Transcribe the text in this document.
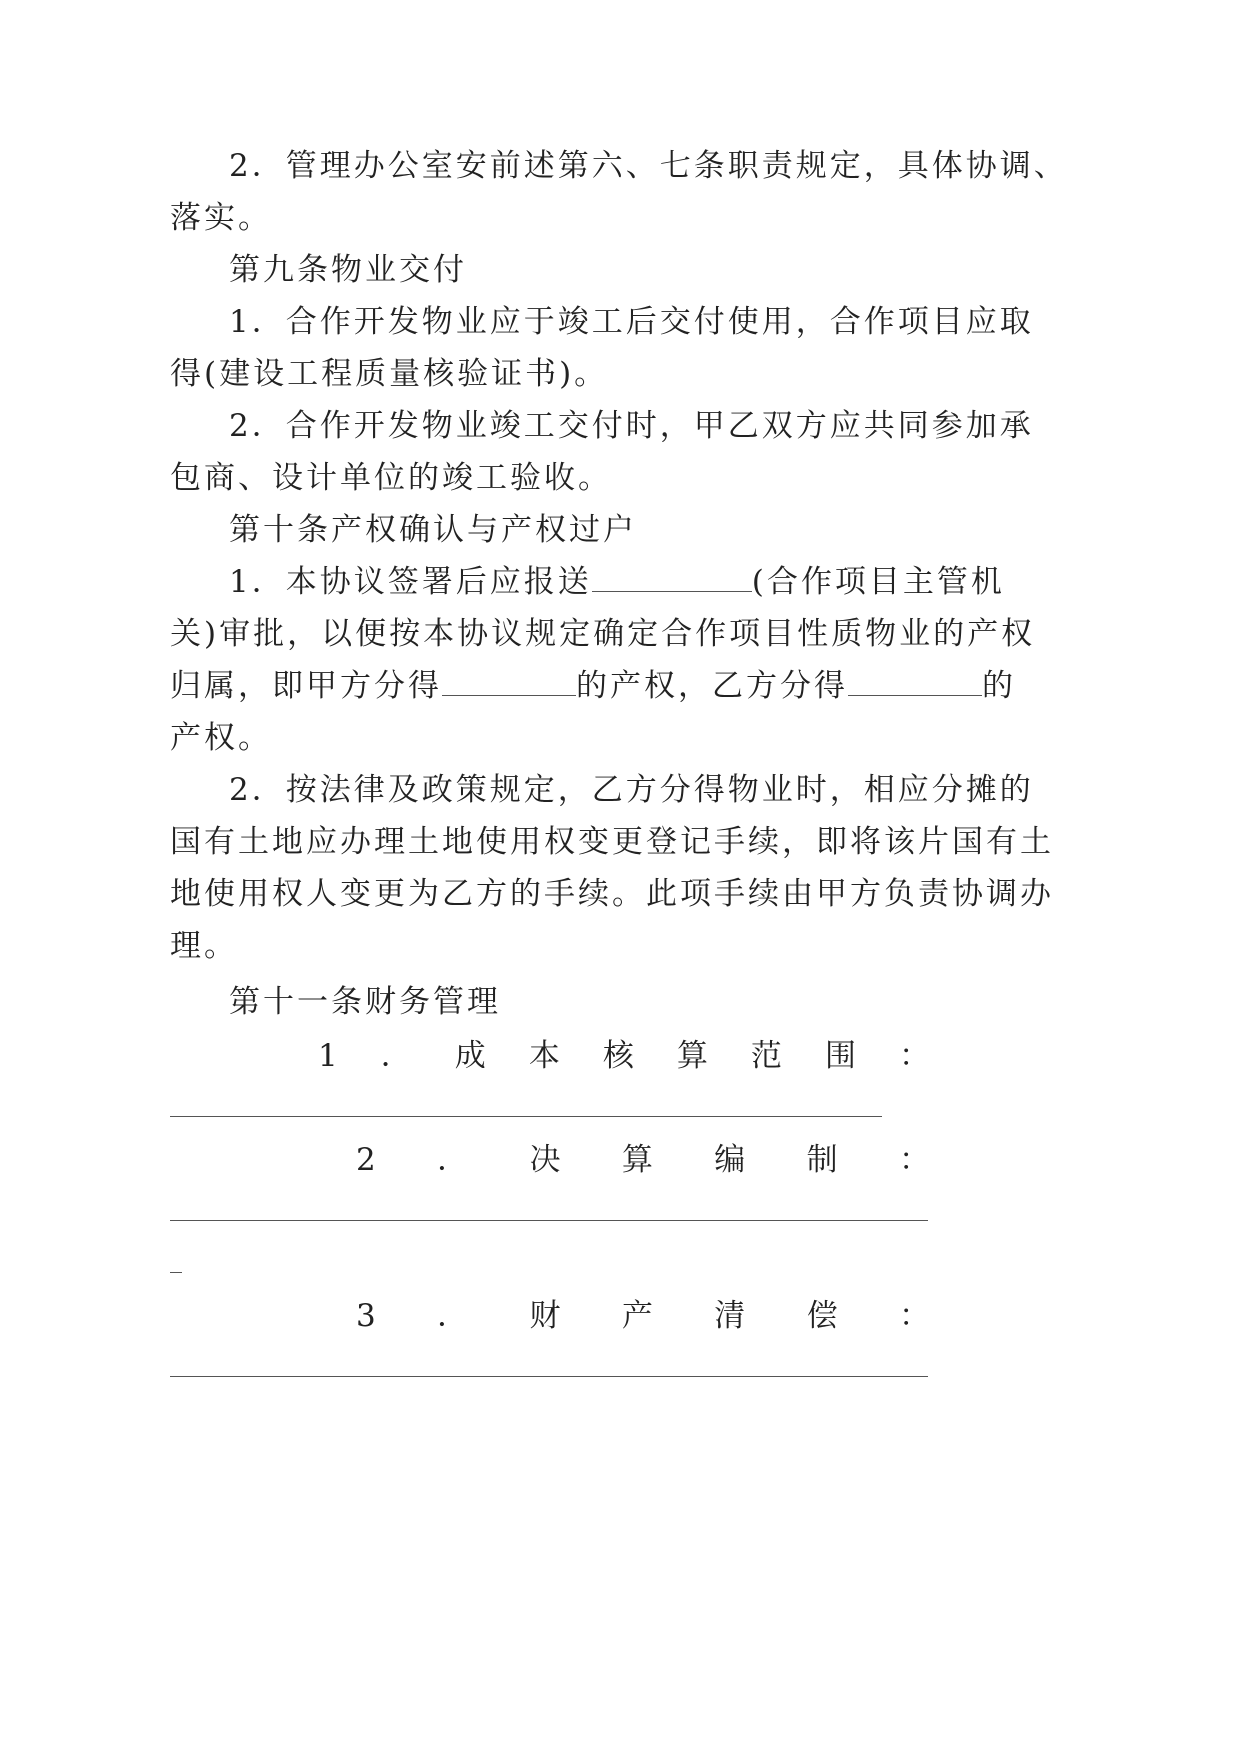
2．管理办公室安前述第六、七条职责规定，具体协调、
落实。
第九条物业交付
1．合作开发物业应于竣工后交付使用，合作项目应取
得(建设工程质量核验证书)。
2．合作开发物业竣工交付时，甲乙双方应共同参加承
包商、设计单位的竣工验收。
第十条产权确认与产权过户
1．本协议签署后应报送	(合作项目主管机
关)审批，以便按本协议规定确定合作项目性质物业的产权
归属，即甲方分得	的产权，乙方分得	的
产权。
2．按法律及政策规定，乙方分得物业时，相应分摊的
国有土地应办理土地使用权变更登记手续，即将该片国有土
地使用权人变更为乙方的手续。此项手续由甲方负责协调办
理。
第十一条财务管理
1 ． 成 本 核 算 范 围 ：
2 ． 决 算 编 制 ：
3 ． 财 产 清 偿 ：
